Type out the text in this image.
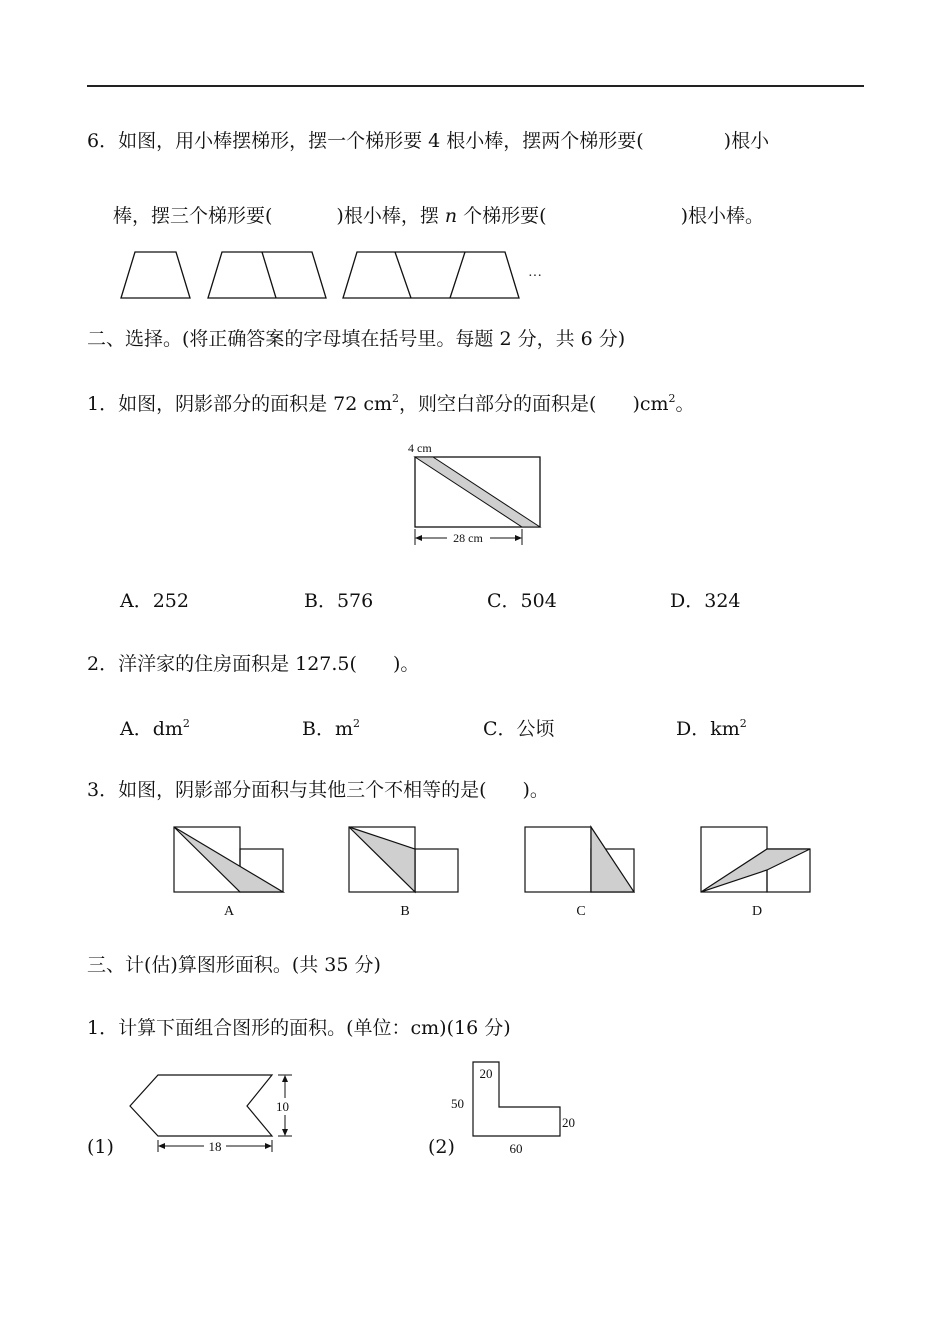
6．如图，用小棒摆梯形，摆一个梯形要 4 根小棒，摆两个梯形要(	)根小
棒，摆三个梯形要(	)根小棒，摆 n 个梯形要(	)根小棒。
···
4 cm
28 cm
A	B	C	D
10
18
20
50
20
60
二、选择。(将正确答案的字母填在括号里。每题 2 分，共 6 分)
1．如图，阴影部分的面积是 72 $cm^2$，则空白部分的面积是( )$cm^2$。
A．252	B．576	C．504	D．324
2．洋洋家的住房面积是 127.5( )。
A．$dm^2$	B．$m^2$	C．公顷	D．$km^2$
3．如图，阴影部分面积与其他三个不相等的是( )。
三、计(估)算图形面积。(共 35 分)
1．计算下面组合图形的面积。(单位：cm)(16 分)
(1)	(2)
